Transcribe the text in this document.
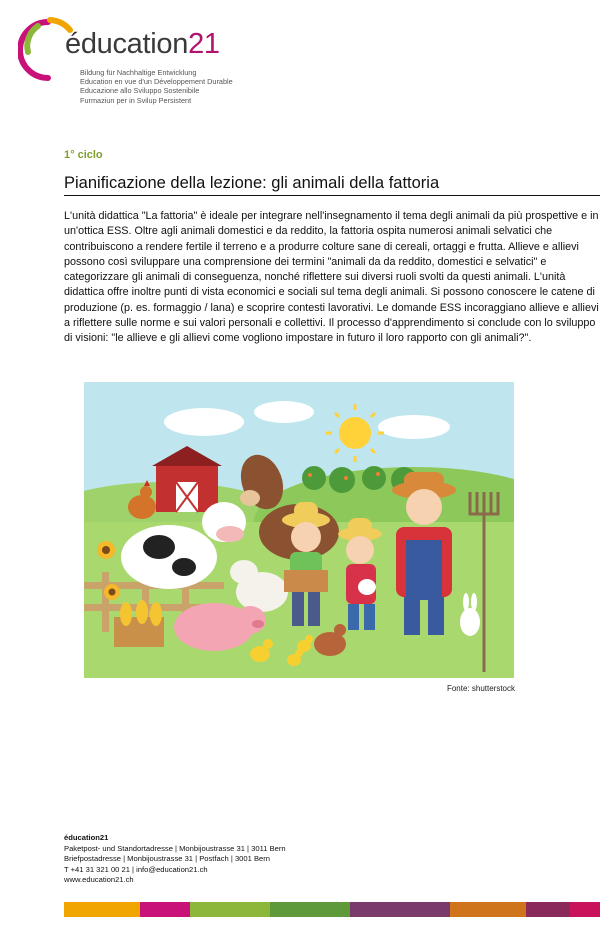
éducation21
Bildung für Nachhaltige Entwicklung
Education en vue d'un Développement Durable
Educazione allo Sviluppo Sostenibile
Furmaziun per in Svilup Persistent
1° ciclo
Pianificazione della lezione: gli animali della fattoria
L'unità didattica "La fattoria" è ideale per integrare nell'insegnamento il tema degli animali da più prospettive e in un'ottica ESS. Oltre agli animali domestici e da reddito, la fattoria ospita numerosi animali selvatici che contribuiscono a rendere fertile il terreno e a produrre colture sane di cereali, ortaggi e frutta. Allieve e allievi possono così sviluppare una comprensione dei termini "animali da da reddito, domestici e selvatici" e categorizzare gli animali di conseguenza, nonché riflettere sui diversi ruoli svolti da questi animali. L'unità didattica offre inoltre punti di vista economici e sociali sul tema degli animali. Si possono conoscere le catene di produzione (p. es. formaggio / lana) e scoprire contesti lavorativi. Le domande ESS incoraggiano allieve e allievi a riflettere sulle norme e sui valori personali e collettivi. Il processo d'apprendimento si conclude con lo sviluppo di visioni: "le allieve e gli allievi come vogliono impostare in futuro il loro rapporto con gli animali?".
Fonte: shutterstock
éducation21
Paketpost- und Standortadresse | Monbijoustrasse 31 | 3011 Bern
Briefpostadresse | Monbijoustrasse 31 | Postfach | 3001 Bern
T +41 31 321 00 21 | info@education21.ch
www.education21.ch
